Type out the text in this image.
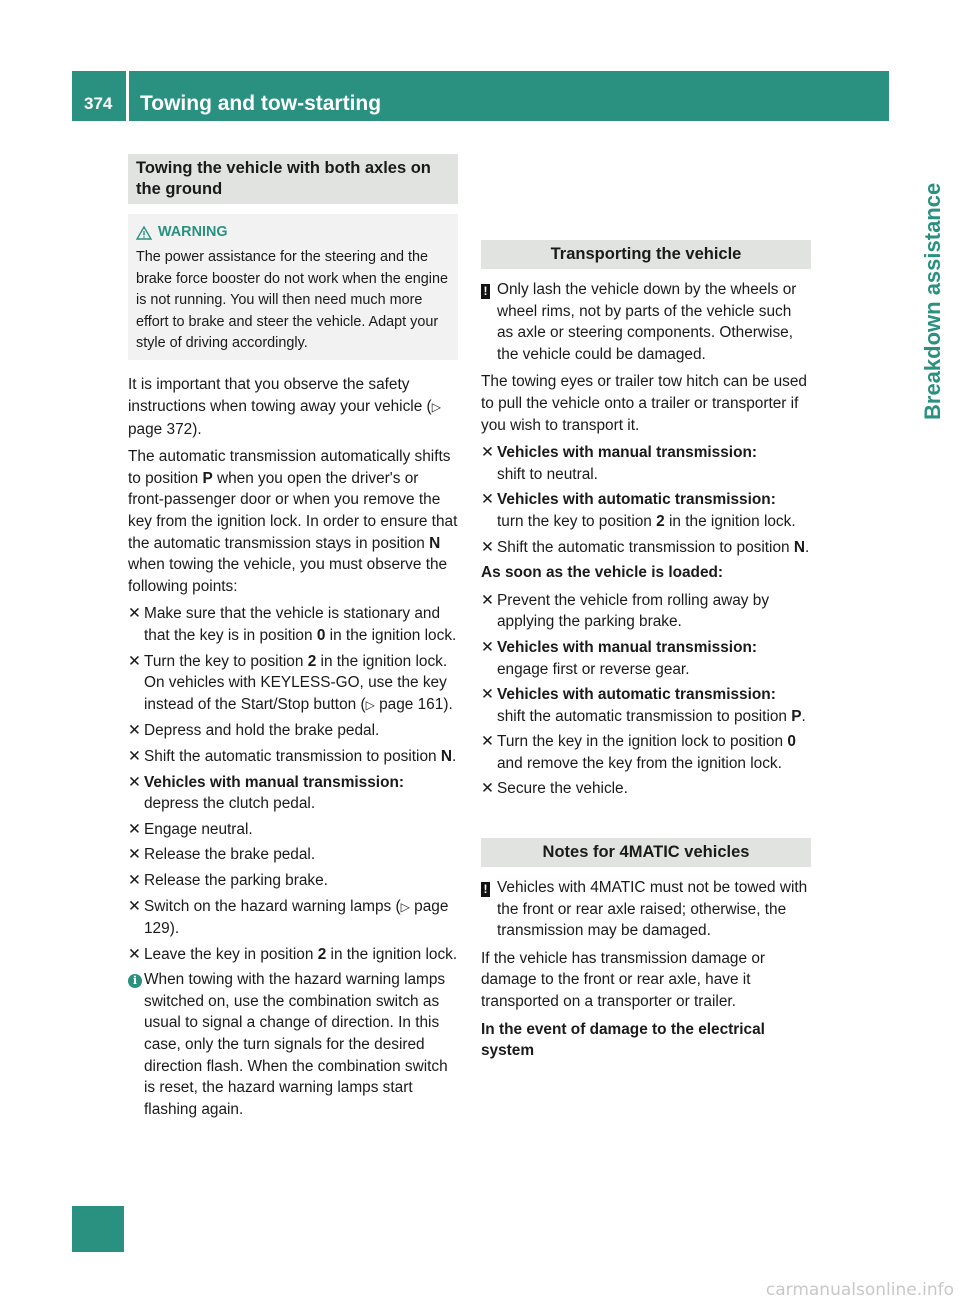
374	Towing and tow-starting
Breakdown assistance
Towing the vehicle with both axles on the ground
WARNING
The power assistance for the steering and the brake force booster do not work when the engine is not running. You will then need much more effort to brake and steer the vehicle. Adapt your style of driving accordingly.

It is important that you observe the safety instructions when towing away your vehicle (▷ page 372).

The automatic transmission automatically shifts to position P when you open the driver's or front-passenger door or when you remove the key from the ignition lock. In order to ensure that the automatic transmission stays in position N when towing the vehicle, you must observe the following points:

✕ Make sure that the vehicle is stationary and that the key is in position 0 in the ignition lock.
✕ Turn the key to position 2 in the ignition lock.
On vehicles with KEYLESS-GO, use the key instead of the Start/Stop button (▷ page 161).
✕ Depress and hold the brake pedal.
✕ Shift the automatic transmission to position N.
✕ Vehicles with manual transmission:
depress the clutch pedal.
✕ Engage neutral.
✕ Release the brake pedal.
✕ Release the parking brake.
✕ Switch on the hazard warning lamps (▷ page 129).
✕ Leave the key in position 2 in the ignition lock.
i When towing with the hazard warning lamps switched on, use the combination switch as usual to signal a change of direction. In this case, only the turn signals for the desired direction flash. When the combination switch is reset, the hazard warning lamps start flashing again.
Transporting the vehicle
! Only lash the vehicle down by the wheels or wheel rims, not by parts of the vehicle such as axle or steering components. Otherwise, the vehicle could be damaged.

The towing eyes or trailer tow hitch can be used to pull the vehicle onto a trailer or transporter if you wish to transport it.

✕ Vehicles with manual transmission:
shift to neutral.
✕ Vehicles with automatic transmission:
turn the key to position 2 in the ignition lock.
✕ Shift the automatic transmission to position N.
As soon as the vehicle is loaded:
✕ Prevent the vehicle from rolling away by applying the parking brake.
✕ Vehicles with manual transmission:
engage first or reverse gear.
✕ Vehicles with automatic transmission:
shift the automatic transmission to position P.
✕ Turn the key in the ignition lock to position 0 and remove the key from the ignition lock.
✕ Secure the vehicle.
Notes for 4MATIC vehicles
! Vehicles with 4MATIC must not be towed with the front or rear axle raised; otherwise, the transmission may be damaged.

If the vehicle has transmission damage or damage to the front or rear axle, have it transported on a transporter or trailer.

In the event of damage to the electrical system
carmanualsonline.info
